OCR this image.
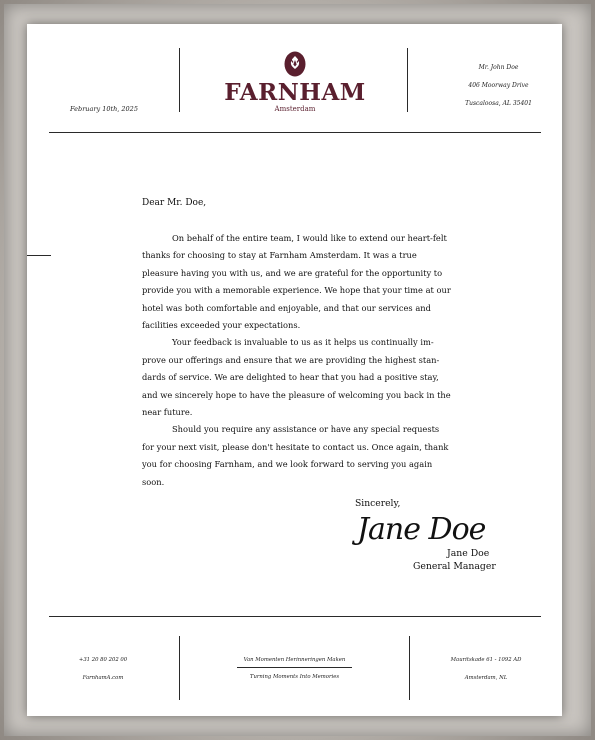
February 10th, 2025
FARNHAM
Amsterdam
Mr. John Doe
406 Moorway Drive
Tuscaloosa, AL 35401
Dear Mr. Doe,

On behalf of the entire team, I would like to extend our heart-felt thanks for choosing to stay at Farnham Amsterdam. It was a true pleasure having you with us, and we are grateful for the opportunity to provide you with a memorable experience. We hope that your time at our hotel was both comfortable and enjoyable, and that our services and facilities exceeded your expectations.

Your feedback is invaluable to us as it helps us continually im-prove our offerings and ensure that we are providing the highest stan-dards of service. We are delighted to hear that you had a positive stay, and we sincerely hope to have the pleasure of welcoming you back in the near future.

Should you require any assistance or have any special requests for your next visit, please don't hesitate to contact us. Once again, thank you for choosing Farnham, and we look forward to serving you again soon.

Sincerely,
Jane Doe
Jane Doe
General Manager
+31 20 80 202 00
FarnhamA.com
Van Momenten Herinneringen Maken
Turning Moments Into Memories
Mauritskade 61 - 1092 AD
Amsterdam, NL
